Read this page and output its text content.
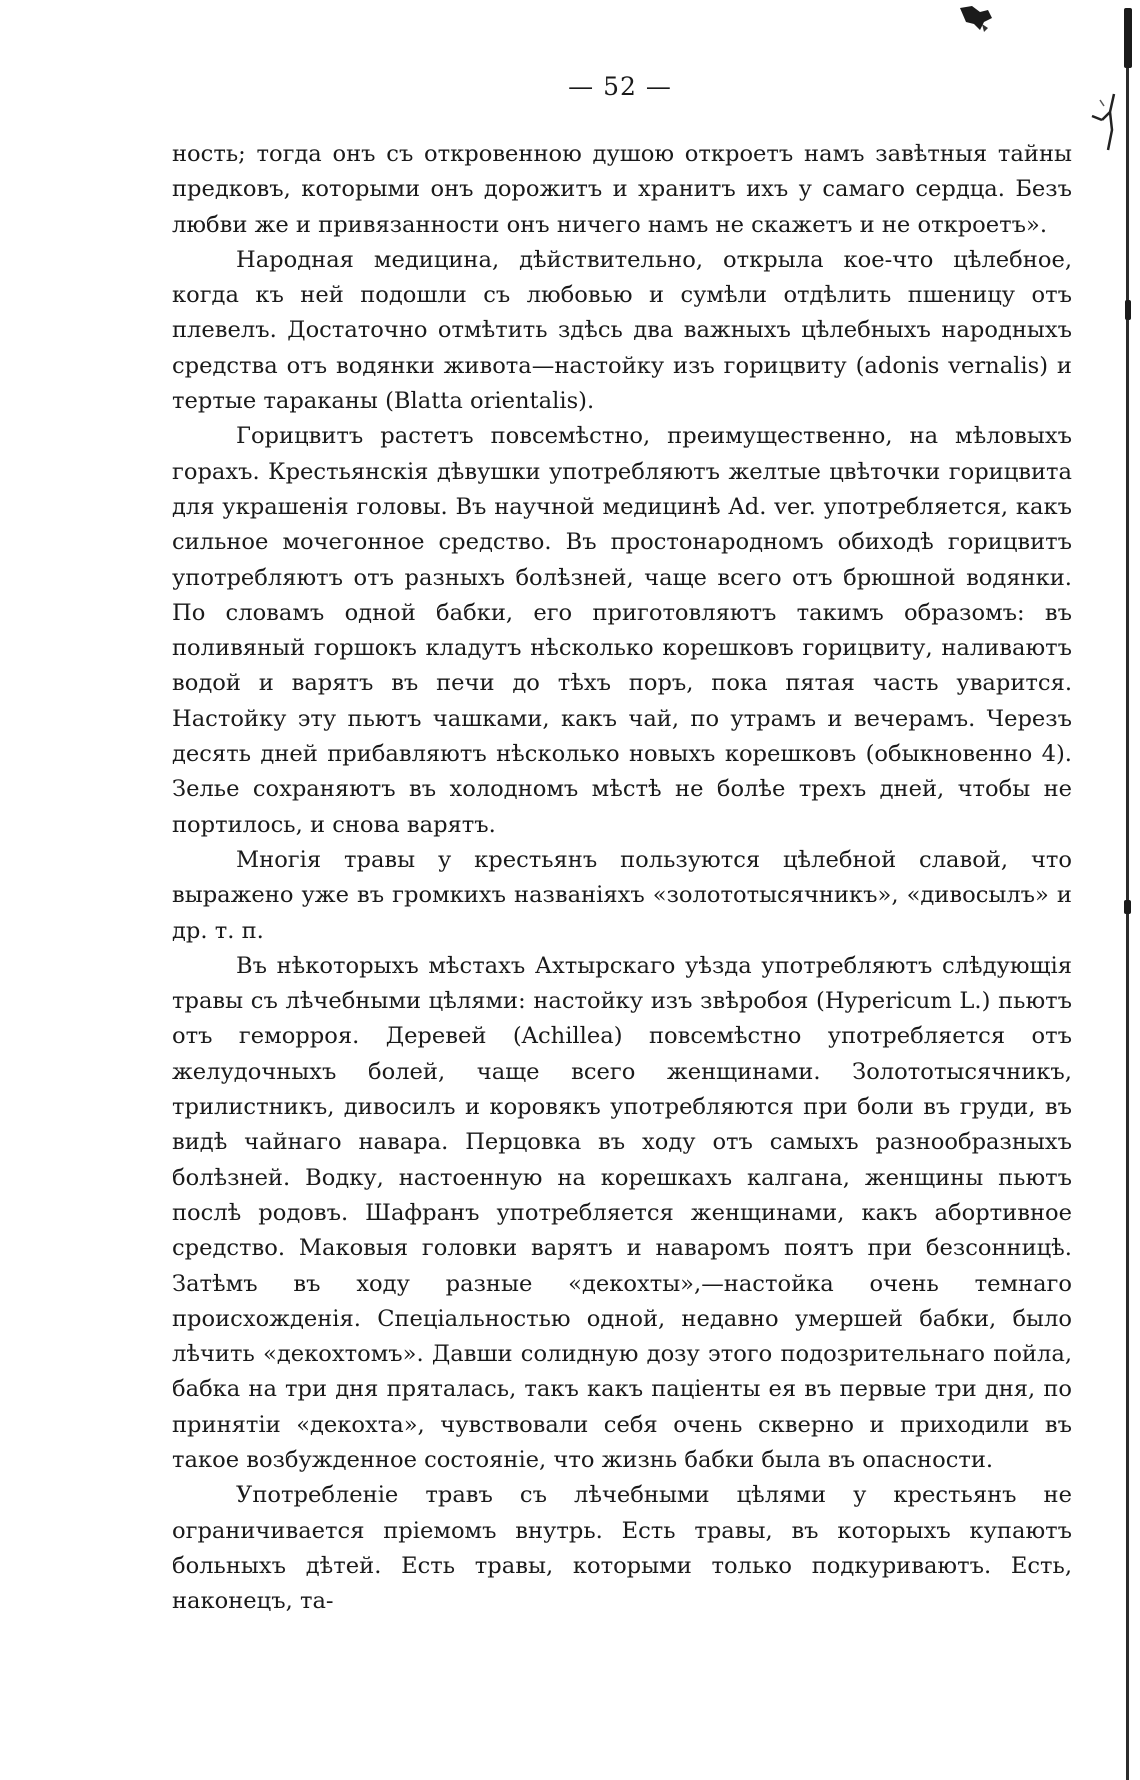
— 52 —

ность; тогда онъ съ откровенною душою откроетъ намъ завѣтныя тайны предковъ, которыми онъ дорожитъ и хранитъ ихъ у самаго сердца. Безъ любви же и привязанности онъ ничего намъ не скажетъ и не откроетъ».

Народная медицина, дѣйствительно, открыла кое-что цѣлебное, когда къ ней подошли съ любовью и сумѣли отдѣлить пшеницу отъ плевелъ. Достаточно отмѣтить здѣсь два важныхъ цѣлебныхъ народныхъ средства отъ водянки живота—настойку изъ горицвиту (adonis vernalis) и тертые тараканы (Blatta orientalis).

Горицвитъ растетъ повсемѣстно, преимущественно, на мѣловыхъ горахъ. Крестьянскія дѣвушки употребляютъ желтые цвѣточки горицвита для украшенія головы. Въ научной медицинѣ Ad. ver. употребляется, какъ сильное мочегонное средство. Въ простонародномъ обиходѣ горицвитъ употребляютъ отъ разныхъ болѣзней, чаще всего отъ брюшной водянки. По словамъ одной бабки, его приготовляютъ такимъ образомъ: въ поливяный горшокъ кладутъ нѣсколько корешковъ горицвиту, наливаютъ водой и варятъ въ печи до тѣхъ поръ, пока пятая часть уварится. Настойку эту пьютъ чашками, какъ чай, по утрамъ и вечерамъ. Черезъ десять дней прибавляютъ нѣсколько новыхъ корешковъ (обыкновенно 4). Зелье сохраняютъ въ холодномъ мѣстѣ не болѣе трехъ дней, чтобы не портилось, и снова варятъ.

Многія травы у крестьянъ пользуются цѣлебной славой, что выражено уже въ громкихъ названіяхъ «золототысячникъ», «дивосылъ» и др. т. п.

Въ нѣкоторыхъ мѣстахъ Ахтырскаго уѣзда употребляютъ слѣдующія травы съ лѣчебными цѣлями: настойку изъ звѣробоя (Hypericum L.) пьютъ отъ геморроя. Деревей (Achillea) повсемѣстно употребляется отъ желудочныхъ болей, чаще всего женщинами. Золототысячникъ, трилистникъ, дивосилъ и коровякъ употребляются при боли въ груди, въ видѣ чайнаго навара. Перцовка въ ходу отъ самыхъ разнообразныхъ болѣзней. Водку, настоенную на корешкахъ калгана, женщины пьютъ послѣ родовъ. Шафранъ употребляется женщинами, какъ абортивное средство. Маковыя головки варятъ и наваромъ поятъ при безсонницѣ. Затѣмъ въ ходу разные «декохты»,—настойка очень темнаго происхожденія. Спеціальностью одной, недавно умершей бабки, было лѣчить «декохтомъ». Давши солидную дозу этого подозрительнаго пойла, бабка на три дня пряталась, такъ какъ паціенты ея въ первые три дня, по принятіи «декохта», чувствовали себя очень скверно и приходили въ такое возбужденное состояніе, что жизнь бабки была въ опасности.

Употребленіе травъ съ лѣчебными цѣлями у крестьянъ не ограничивается пріемомъ внутрь. Есть травы, въ которыхъ купаютъ больныхъ дѣтей. Есть травы, которыми только подкуриваютъ. Есть, наконецъ, та-
